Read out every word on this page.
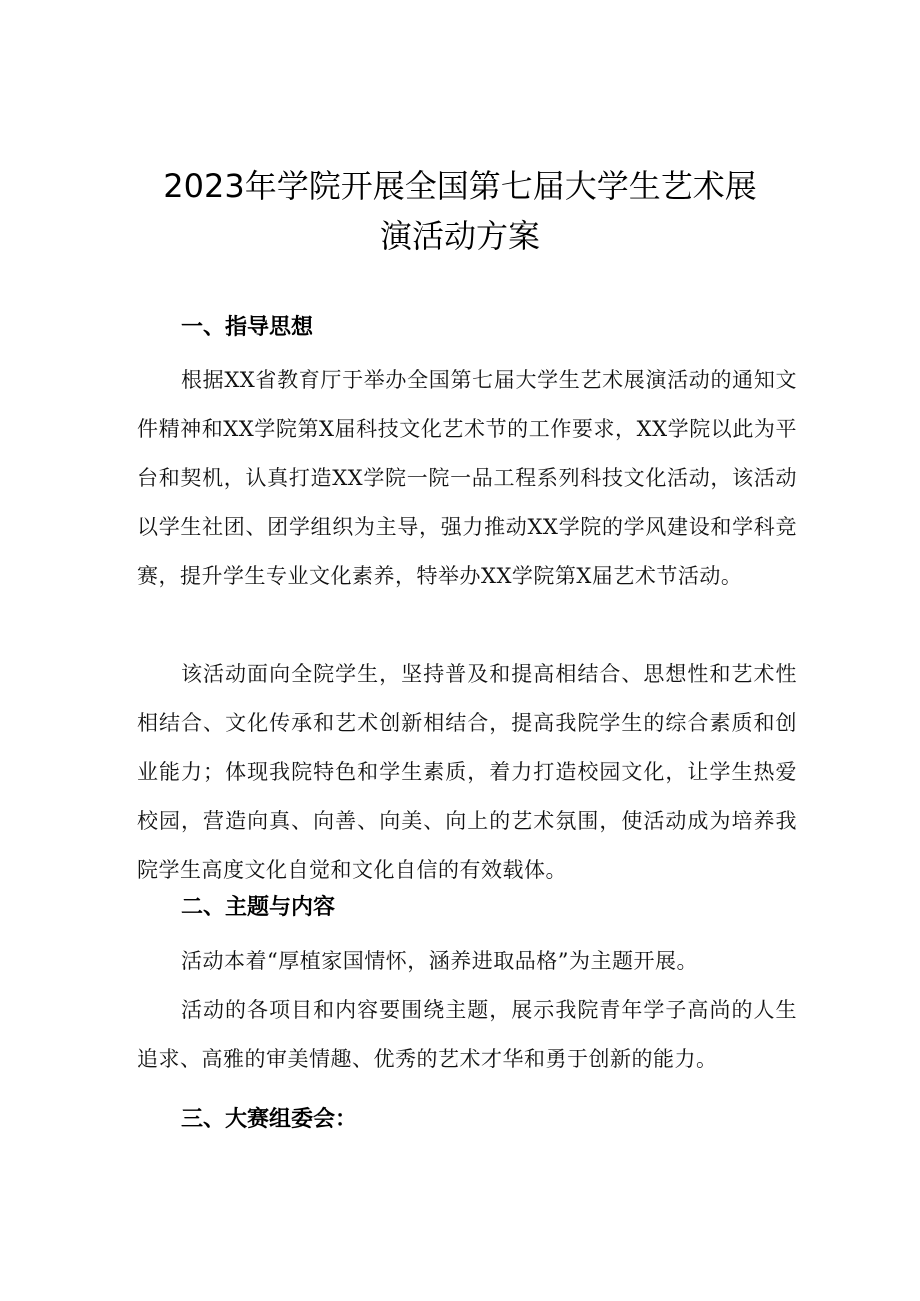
2023年学院开展全国第七届大学生艺术展
演活动方案
一、指导思想

根据XX省教育厅于举办全国第七届大学生艺术展演活动的通知文件精神和XX学院第X届科技文化艺术节的工作要求，XX学院以此为平台和契机，认真打造XX学院一院一品工程系列科技文化活动，该活动以学生社团、团学组织为主导，强力推动XX学院的学风建设和学科竞赛，提升学生专业文化素养，特举办XX学院第X届艺术节活动。

该活动面向全院学生，坚持普及和提高相结合、思想性和艺术性相结合、文化传承和艺术创新相结合，提高我院学生的综合素质和创业能力；体现我院特色和学生素质，着力打造校园文化，让学生热爱校园，营造向真、向善、向美、向上的艺术氛围，使活动成为培养我院学生高度文化自觉和文化自信的有效载体。

二、主题与内容

活动本着“厚植家国情怀，涵养进取品格”为主题开展。

活动的各项目和内容要围绕主题，展示我院青年学子高尚的人生追求、高雅的审美情趣、优秀的艺术才华和勇于创新的能力。

三、大赛组委会：
